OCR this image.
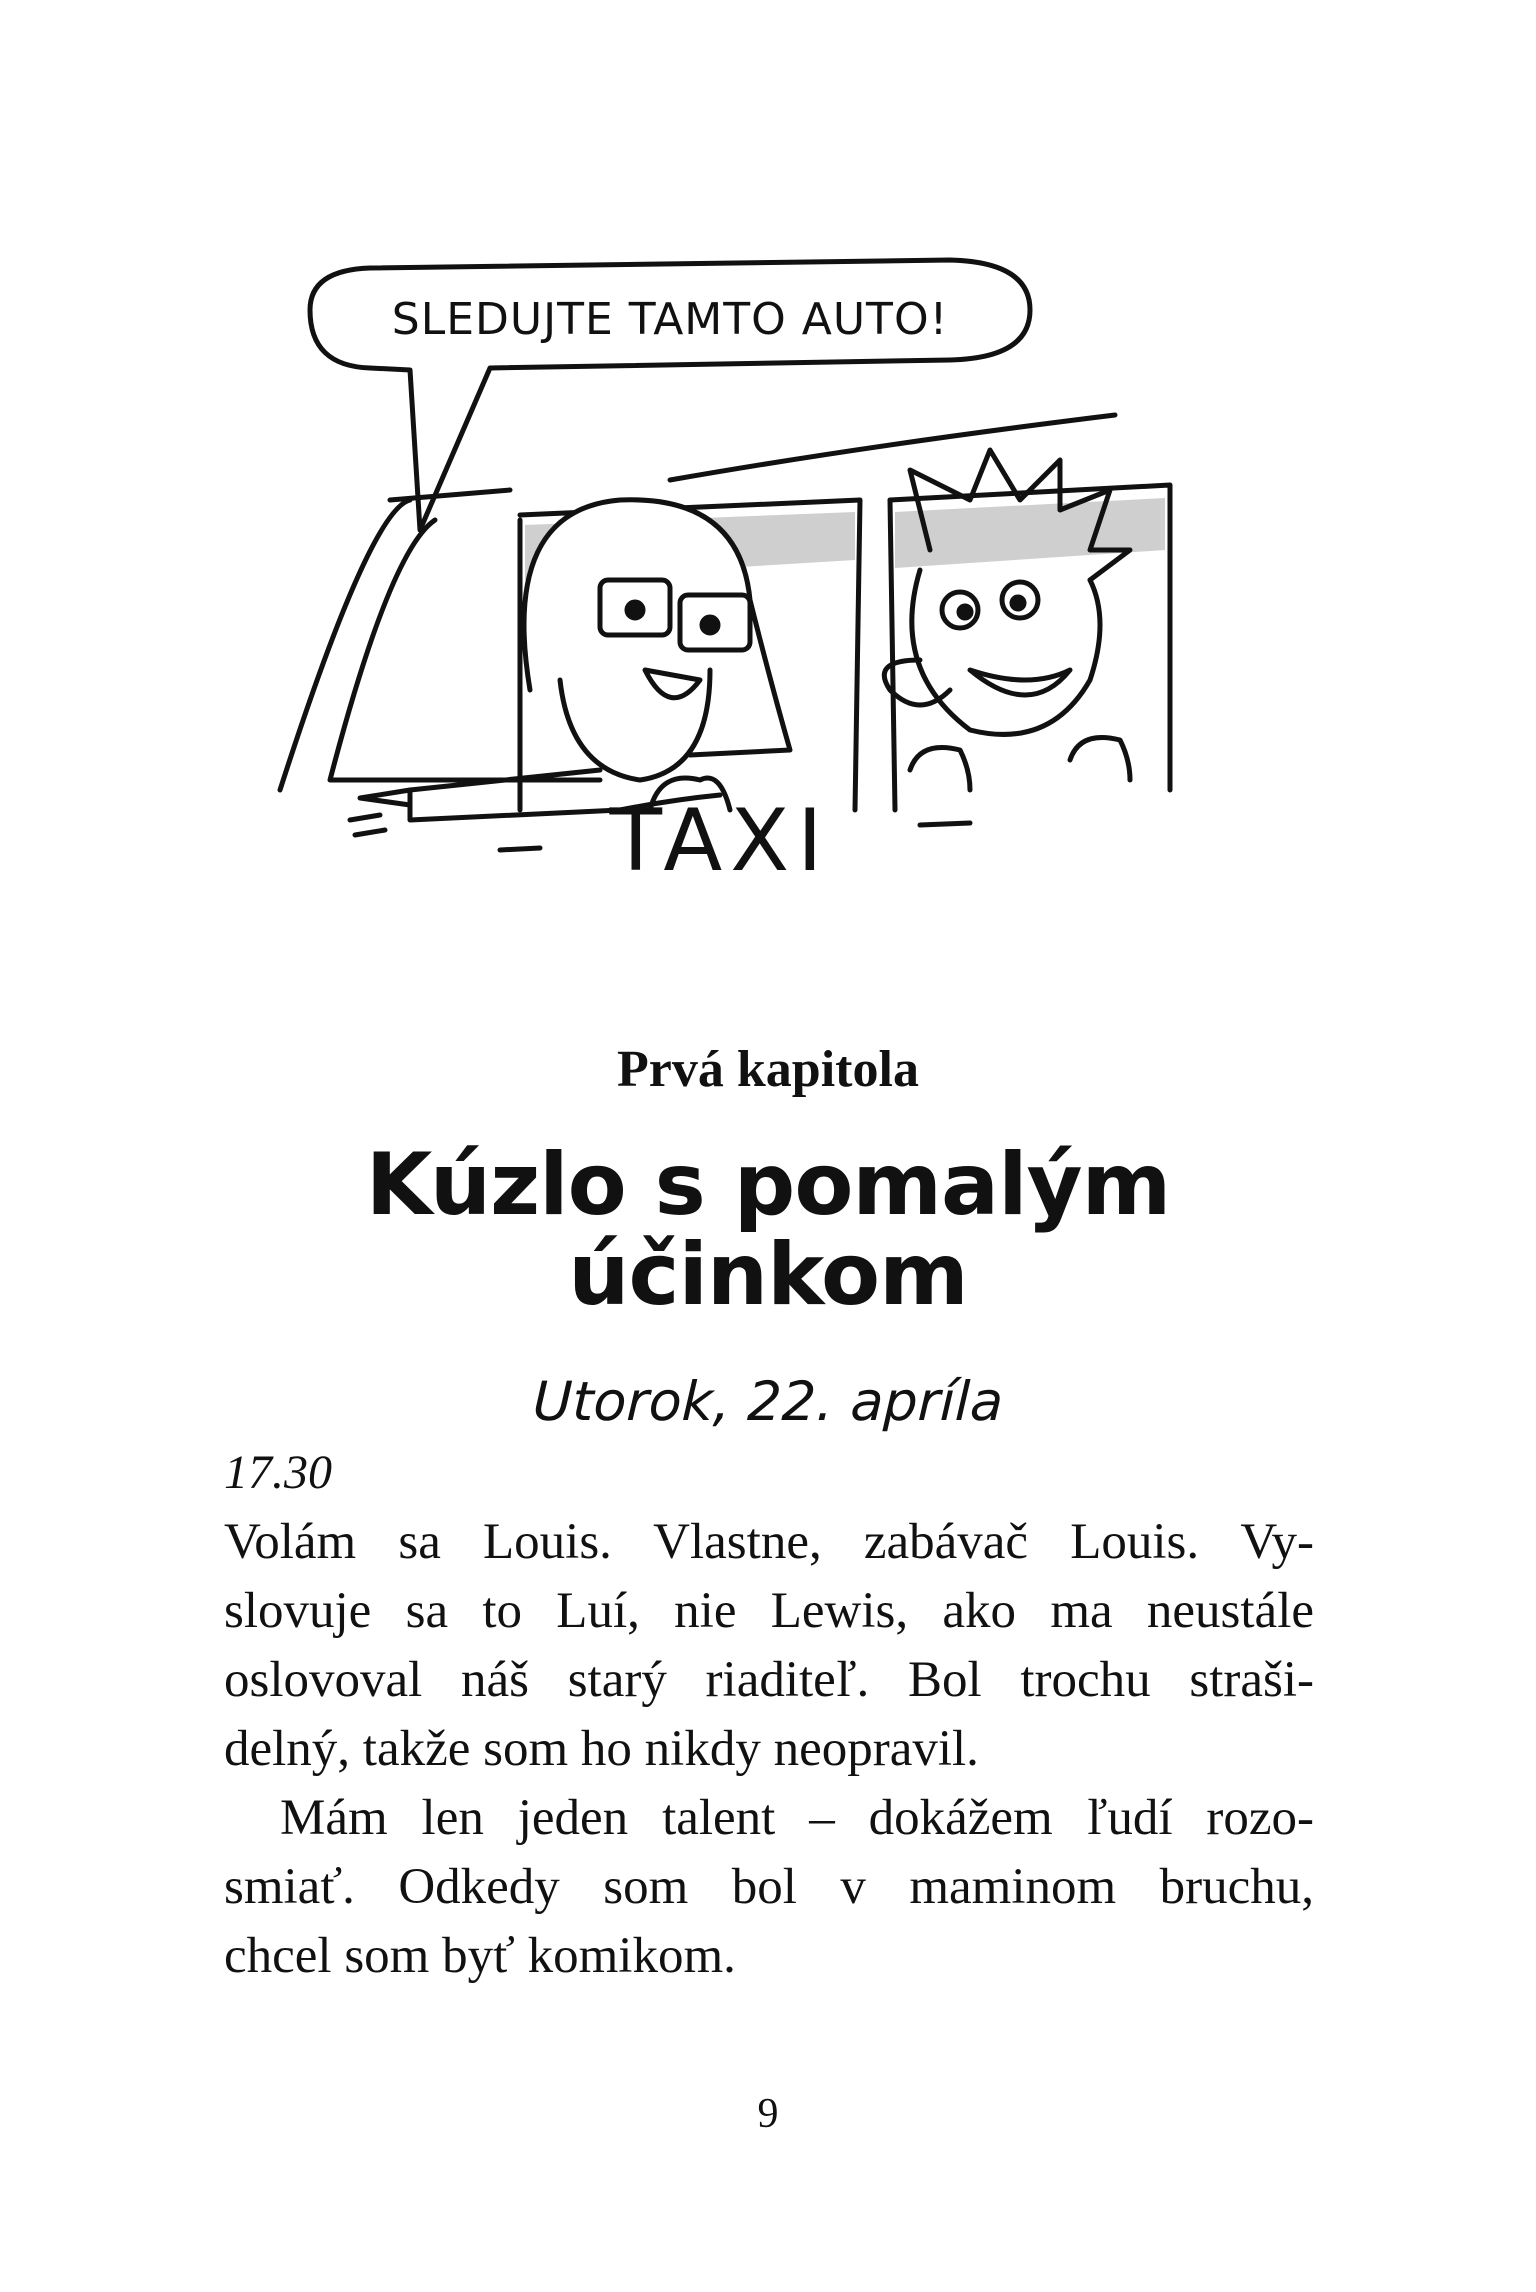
SLEDUJTE TAMTO AUTO!
TAXI
Prvá kapitola
Kúzlo s pomalým
účinkom
Utorok, 22. apríla
17.30
Volám sa Louis. Vlastne, zabávač Louis. Vy-
slovuje sa to Luí, nie Lewis, ako ma neustále
oslovoval náš starý riaditeľ. Bol trochu straši-
delný, takže som ho nikdy neopravil.
Mám len jeden talent – dokážem ľudí rozo-
smiať. Odkedy som bol v maminom bruchu,
chcel som byť komikom.
9
